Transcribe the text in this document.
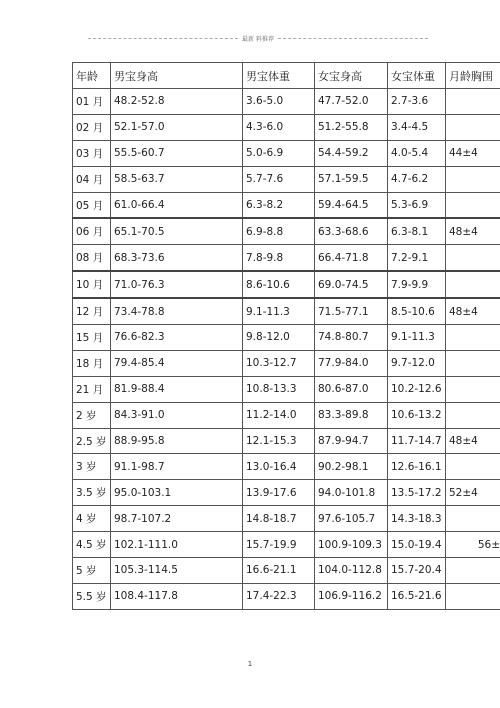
最新 料推荐
年龄	男宝身高	男宝体重	女宝身高	女宝体重	月龄胸围
01 月	48.2-52.8	3.6-5.0	47.7-52.0	2.7-3.6	
02 月	52.1-57.0	4.3-6.0	51.2-55.8	3.4-4.5	
03 月	55.5-60.7	5.0-6.9	54.4-59.2	4.0-5.4	44±4
04 月	58.5-63.7	5.7-7.6	57.1-59.5	4.7-6.2	
05 月	61.0-66.4	6.3-8.2	59.4-64.5	5.3-6.9	
06 月	65.1-70.5	6.9-8.8	63.3-68.6	6.3-8.1	48±4
08 月	68.3-73.6	7.8-9.8	66.4-71.8	7.2-9.1	
10 月	71.0-76.3	8.6-10.6	69.0-74.5	7.9-9.9	
12 月	73.4-78.8	9.1-11.3	71.5-77.1	8.5-10.6	48±4
15 月	76.6-82.3	9.8-12.0	74.8-80.7	9.1-11.3	
18 月	79.4-85.4	10.3-12.7	77.9-84.0	9.7-12.0	
21 月	81.9-88.4	10.8-13.3	80.6-87.0	10.2-12.6	
2 岁	84.3-91.0	11.2-14.0	83.3-89.8	10.6-13.2	
2.5 岁	88.9-95.8	12.1-15.3	87.9-94.7	11.7-14.7	48±4
3 岁	91.1-98.7	13.0-16.4	90.2-98.1	12.6-16.1	
3.5 岁	95.0-103.1	13.9-17.6	94.0-101.8	13.5-17.2	52±4
4 岁	98.7-107.2	14.8-18.7	97.6-105.7	14.3-18.3	
4.5 岁	102.1-111.0	15.7-19.9	100.9-109.3	15.0-19.4	56±
5 岁	105.3-114.5	16.6-21.1	104.0-112.8	15.7-20.4	
5.5 岁	108.4-117.8	17.4-22.3	106.9-116.2	16.5-21.6	
1
